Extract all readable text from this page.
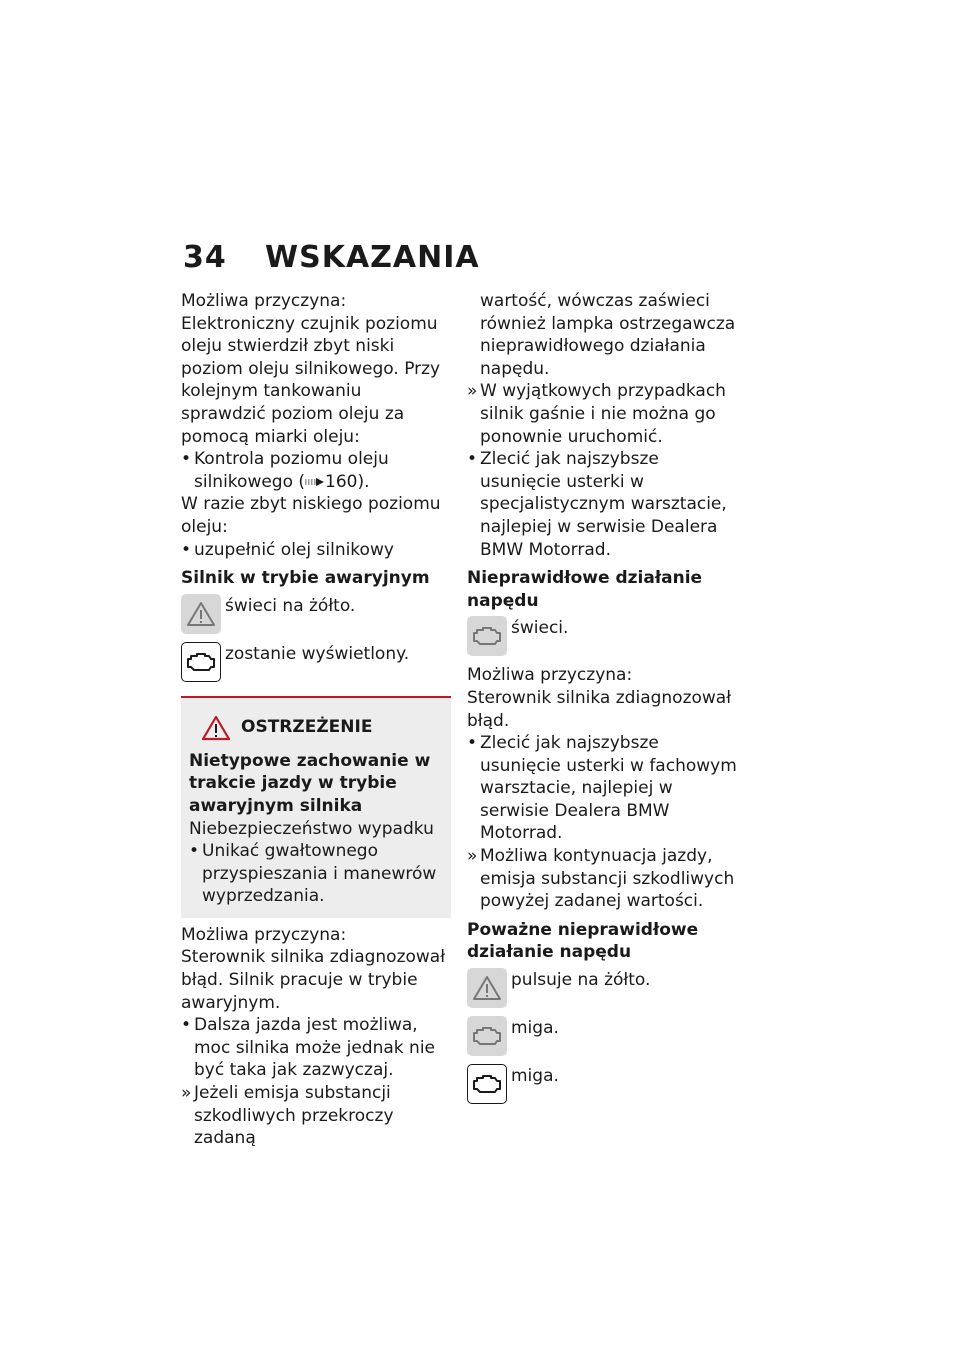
34	WSKAZANIA

Możliwa przyczyna:

Elektroniczny czujnik poziomu oleju stwierdził zbyt niski poziom oleju silnikowego. Przy kolejnym tankowaniu sprawdzić poziom oleju za pomocą miarki oleju:

• Kontrola poziomu oleju silnikowego ( 160).

W razie zbyt niskiego poziomu oleju:

• uzupełnić olej silnikowy

Silnik w trybie awaryjnym

świeci na żółto.
zostanie wyświetlony.
OSTRZEŻENIE

Nietypowe zachowanie w trakcie jazdy w trybie awaryjnym silnika

Niebezpieczeństwo wypadku

• Unikać gwałtownego przyspieszania i manewrów wyprzedzania.

Możliwa przyczyna:

Sterownik silnika zdiagnozował błąd. Silnik pracuje w trybie awaryjnym.

• Dalsza jazda jest możliwa, moc silnika może jednak nie być taka jak zazwyczaj.
» Jeżeli emisja substancji szkodliwych przekroczy zadaną
wartość, wówczas zaświeci również lampka ostrzegawcza nieprawidłowego działania napędu.
» W wyjątkowych przypadkach silnik gaśnie i nie można go ponownie uruchomić.
• Zlecić jak najszybsze usunięcie usterki w specjalistycznym warsztacie, najlepiej w serwisie Dealera BMW Motorrad.

Nieprawidłowe działanie napędu

świeci.

Możliwa przyczyna:

Sterownik silnika zdiagnozował błąd.

• Zlecić jak najszybsze usunięcie usterki w fachowym warsztacie, najlepiej w serwisie Dealera BMW Motorrad.
» Możliwa kontynuacja jazdy, emisja substancji szkodliwych powyżej zadanej wartości.

Poważne nieprawidłowe działanie napędu

pulsuje na żółto.
miga.
miga.
